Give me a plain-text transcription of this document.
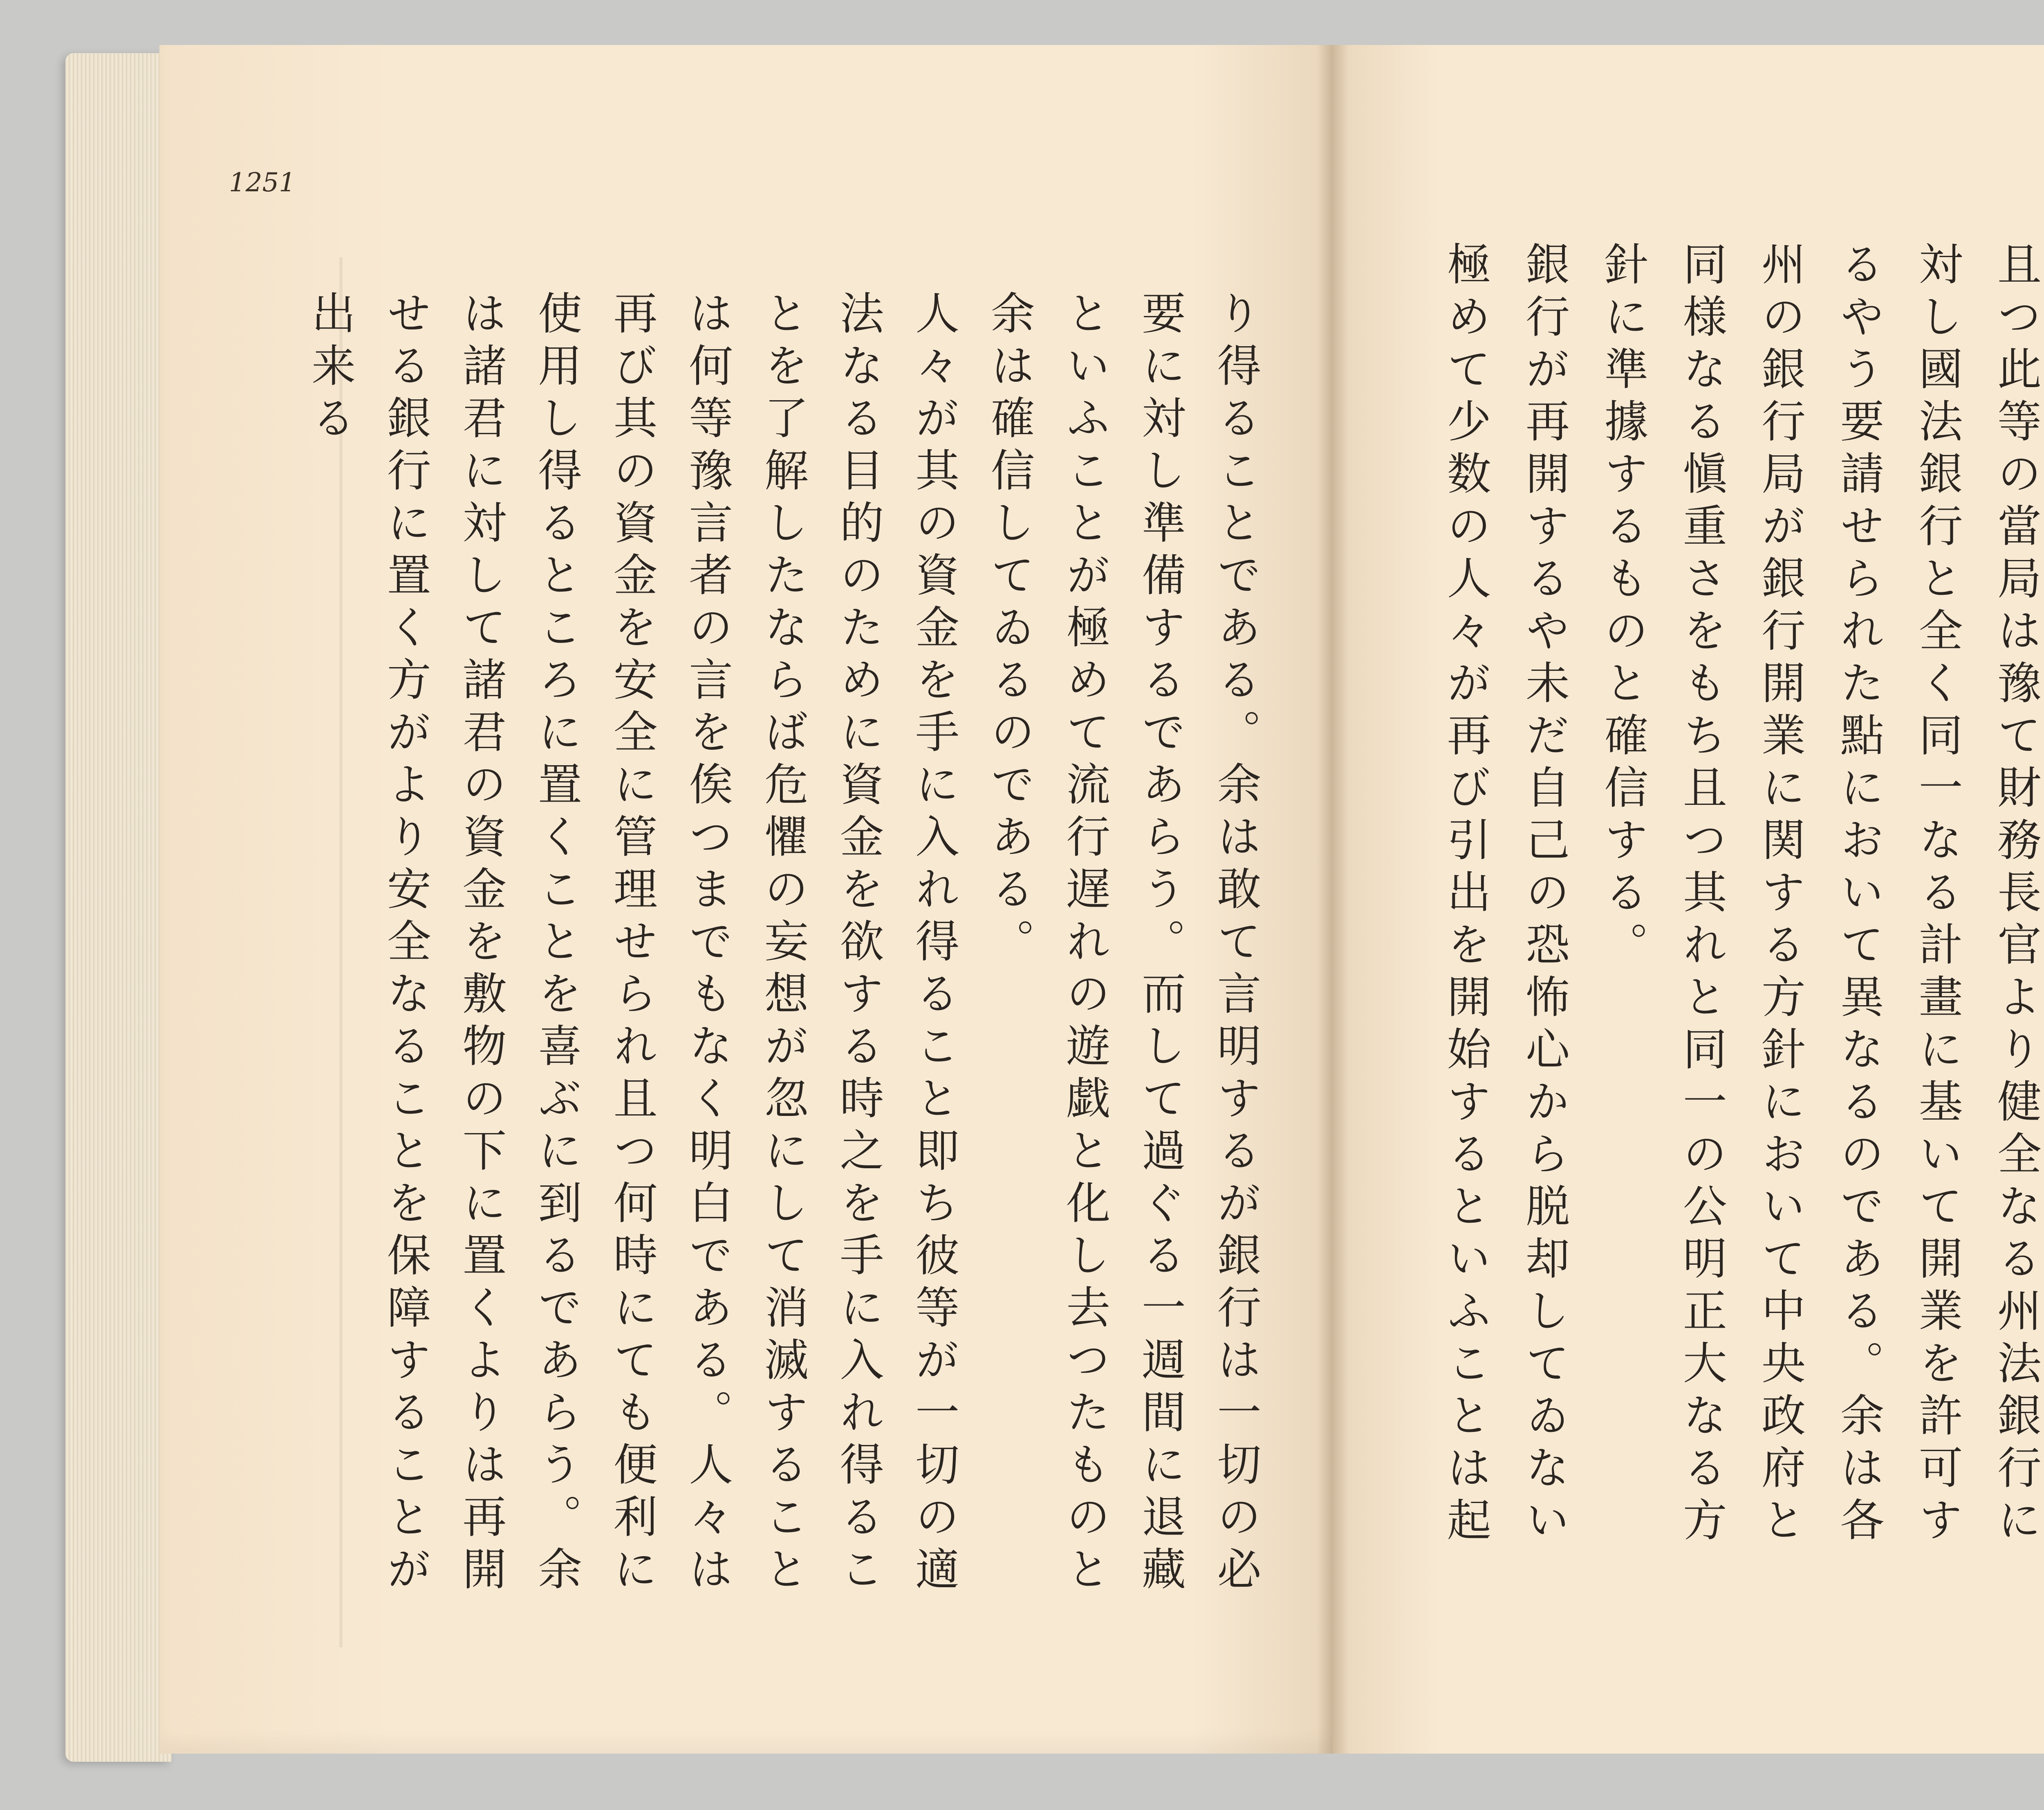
1251
り得ることである。余は敢て言明するが銀行は一切の必
要に対し準備するであらう。而して過ぐる一週間に退藏
といふことが極めて流行遅れの遊戯と化し去つたものと
余は確信してゐるのである。
人々が其の資金を手に入れ得ること即ち彼等が一切の適
法なる目的のために資金を欲する時之を手に入れ得るこ
とを了解したならば危懼の妄想が忽にして消滅すること
は何等豫言者の言を俟つまでもなく明白である。人々は
再び其の資金を安全に管理せられ且つ何時にても便利に
使用し得るところに置くことを喜ぶに到るであらう。余
は諸君に対して諸君の資金を敷物の下に置くよりは再開
せる銀行に置く方がより安全なることを保障することが
出来る	且つ此等の當局は豫て財務長官より健全なる州法銀行に
対し國法銀行と全く同一なる計畫に基いて開業を許可す
るやう要請せられた點において異なるのである。余は各
州の銀行局が銀行開業に関する方針において中央政府と
同様なる愼重さをもち且つ其れと同一の公明正大なる方
針に準據するものと確信する。
銀行が再開するや未だ自己の恐怖心から脱却してゐない
極めて少数の人々が再び引出を開始するといふことは起
